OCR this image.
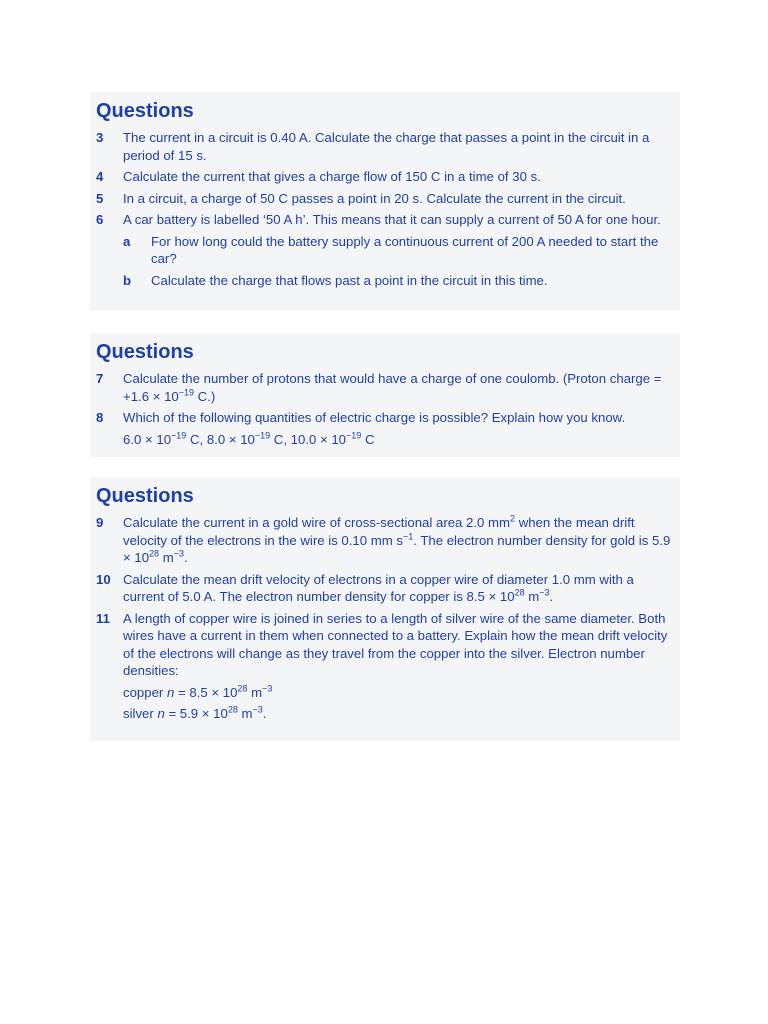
Questions
3	The current in a circuit is 0.40 A. Calculate the charge that passes a point in the circuit in a period of 15 s.
4	Calculate the current that gives a charge flow of 150 C in a time of 30 s.
5	In a circuit, a charge of 50 C passes a point in 20 s. Calculate the current in the circuit.
6	A car battery is labelled ‘50 A h’. This means that it can supply a current of 50 A for one hour.
a	For how long could the battery supply a continuous current of 200 A needed to start the car?
b	Calculate the charge that flows past a point in the circuit in this time.
Questions
7	Calculate the number of protons that would have a charge of one coulomb. (Proton charge = $+1.6 \times 10^{-19}$ C.)
8	Which of the following quantities of electric charge is possible? Explain how you know.
$6.0 \times 10^{-19}$ C, $8.0 \times 10^{-19}$ C, $10.0 \times 10^{-19}$ C
Questions
9	Calculate the current in a gold wire of cross-sectional area 2.0 $mm^2$ when the mean drift velocity of the electrons in the wire is 0.10 mm $s^{-1}$. The electron number density for gold is $5.9 \times 10^{28}$ $m^{-3}$.
10 Calculate the mean drift velocity of electrons in a copper wire of diameter 1.0 mm with a current of 5.0 A. The electron number density for copper is $8.5 \times 10^{28}$ $m^{-3}$.
11 A length of copper wire is joined in series to a length of silver wire of the same diameter. Both wires have a current in them when connected to a battery. Explain how the mean drift velocity of the electrons will change as they travel from the copper into the silver. Electron number densities:
copper $n = 8.5 \times 10^{28}$ $m^{-3}$
silver $n = 5.9 \times 10^{28}$ $m^{-3}$.
